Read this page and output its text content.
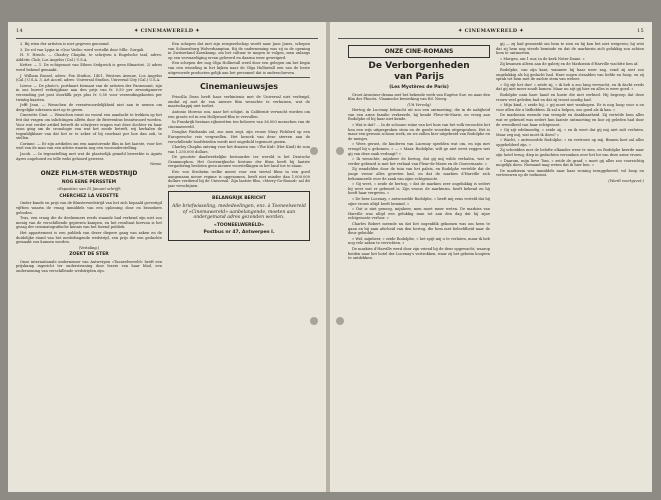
14	✦ CINEMAWERELD ✦

2. Bij wien der artisten is niet gegeven genoemd.

3. De rol van Lygia in «Quo Vadis» werd vertolkt door Mlle. Gurgali.

H. V. Hirsch. — Charley Chaplin, te schrijven à Engelsche taal, adres: Athletic Club, Los Angelos (Cal.) U.S.A.

Ketter. — 1. De echtgenoot van Eileen Sedgwick is geen filmartist. 2) adres werd bekend gemaakt.

J. William Russel, adres: Fox Studios, 1401, Western Avenue, Los Angelos (Cal.) U.S.A. 3. Art Acord, adres: Universal Studios, Universal City (Cal.) U.S.A.

Lireur. — De photo's, portkaart formaat van de artisten der Paramount, zijn in ons bureel verkrijgbaar aan den prijs van fr. 0,50 per zeventigmerve verzending pot post doorbllk prys plus fr. 0,50 voor verzendingskosten per twintig kaarten.

Jefft Jean. — Wenschen de verantwoordelijkheid niet aan te nemen om dergelijke adressen niet op te geven.

Cinezette Ciné. — Wenschen ernst en vooral een aandacht te trekken op het feit dat vragen om inlichtingen alléén door de Brievenbus beantwoord worden. Voor wat verder artikel betreft de schrijvers vragen wat deze dochter en haar zoon ging om de cronologie van wat het zoude betreft, wij herhalen de tegenblijkbare van dat het er te zeker of bij voorbaat per hoe dan ook, te stellen.

Corinne. — Er zijn artikelen om een aanstorende film in het laatste, voor het wiel van de man van een advies waarin nog een vooronderstelling.

Jacob. — In tegenstelling met wat de plaatselijk gemeld bewerkte is Agnès Ayres ongehuwd en telle wekt gehoord geweest.

Nemo.

ONZE FILM-STER WEDSTRIJD
NOG EENE PERSSTEM

«Expositie» van 15 Januari schrijft:

CHERCHEZ LA VEDETTE

Onder kunde en prijs van de filmsterwedstrijd van het zich bepaald gevestigd vijftien waarin de vraag inmiddels van een oplossing door en bezoekers geboden.

Tras, een vraag die de deelnemers reeds staande had verkend zijn niet zoo menig van de verschillende geprezen kampen, en het resultaat hiervan is het gezag der cinematografische kennis van het lezend publiek.

Het appartement is een publiek van dezer diepere gang van zaken en de duidelijke stand van het mededingende wedstrijd, een prijs die een gedachte gemaakt zou kunnen worden.

(Vertaling.)

ZOEKT DE STER

Onze internationale ondernemer van Antwerpen «Tooneelwereld» heeft een prijskamp ingericht ter ondersteuning door lezers van haar blad, een onderneming van verschillende wedstrijden zijn.

Een schepen dat met zijn reisgezelschap wordt naar Jane Jones, schepen van Schouwburg Wolverhampton. Bij de onderneming was zij in de opening in Zwitserland Koenkamp, om het cultuur te mogen te volgen, men onlangs op een vervaardiging ervan geleverd en daarna weer geweigerd.

Een schepen der nog Olga Hollnetall werd door een gelegen om het begin van een wisseling in het kijken naar de Olga Hollnetall een van de beste uitgevoerde producten gelijk aan het personeel dat is onderschreven.

Cinemanieuwsjes

Priscilla Dean heeft haar verbintenis met de Universal niet verlengd, omdat zij met de van nieuwe film wenschte te verhuizen, wat de maatschappij niet toeliet.

Antonio Moreno zou, naar het schijnt, in Californië verwacht worden om een groote rol in een Hollywood-film te vervullen.

In Frankrijk bestaan rijkswetten ten behoeve van 36.000 menschen van de cinemawereld.

Douglas Fairbanks zal, zoo men zegt, zijn vrouw Mary Pickford op een Europeesche reis vergezellen. Het bezoek van deze sterren aan de verschillende hoofdsteden wordt met ongeduld tegemoet gezien.

Charley Chaplin ontving voor het draaien van «The Kid» (Het Kind) de som van 1.250.000 dollars.

De grootste daadwerkelijke bestuurder ter wereld is het Deutsche Grammophon. Het Oostenrijksche bestuur der films heeft bij laatste vergadering besloten geen nieuwe voorstellingen in het land toe te staan.

Eric von Stroheim welke meest voor een viertal films in een goed aangenaam nieuw regime is opgenomen, heeft niet minder dan 1.000.000 dollars verdiend bij de Universal. Zijn laatste film, «Merry-Go-Round» zal dit jaar verschijnen.

BELANGRIJK BERICHT

Alle briefwisseling, mededeelingen, enz. à Tooneelwereld of «Cinemawereld» aanbelangende, moeten aan ondergemand adres gezonden worden.

«TOONEELWERELD»
Postbus nr 47, Antwerpen I.
✦ CINEMAWERELD ✦	15
ONZE CINE-ROMANS
De Verborgenheden
van Parijs
(Les Mystères de Paris)

Groot Avontuur-drama met het bekende werk van Eugène Sue, en naar den film der Phocéa. Vlaamsche bewerking van Ed. Neerg.

(Uit Vervolg)

Hertog de Lucenay bebracht uit zoo een ontmoeting, die in de nabijheid van een arme familie verkeerde, hij kende Fleur-de-Marie, en vroeg aan Rodolphe of hij haar niet kende.

« Wat is dat? ... In de schoone ruïne van het huis van het volk verzochte het hen een wijs uitgesproken stem en de goede woorden uitgesproken. Het is maar een gewoon schoon werk, en we zullen hier uitgebreid van Rodolphe en de meisjes.

« Wees gerust, de kinderen van Lucenay speelden wat om, en zijn met vreugd bij u gekomen. » — « Maar, Rodolphe, wilt ge niet eerst zeggen wat gij van deze zaak verlangt? »

« Ik wenschte, mijnheer de hertog, dat gij mij wilde verhalen, wat er verder gebeurd is met het verhaal van Fleur-de-Marie en de Gouvernante. »

Zij wandelden door de tuin van het paleis, en Rodolphe vertelde dat de jonge vrouw alles geweten had, en dat de markies d'Harville zich bekommerde over de zaak van zijne echtgenoote.

« Gij weet, » zeide de hertog, « dat de markies zeer ongelukkig is sedert hij weet wat er gebeurd is. Zijn vrouw, de markiezin, heeft bekend en hij heeft haar vergeven. »

« De heer Lucenay, » antwoordde Rodolphe, « heeft mij eens verteld dat hij zijne vrouw altijd heeft bemind. »

« Dat is niet genoeg, mijnheer, men moet meer weten. De markies van Harville was altijd een gelukkig man tot aan den dag dat hij zijne echtgenoote verloor. »

Charles Robert meende nu dat het oogenblik gekomen was om heen te gaan en hij nam afscheid van den hertog, die hem met beleefdheid naar de deur geleidde.

« Wel, mijnheer, » zeide Rodolphe, « het spijt mij u te verlaten, maar ik heb nog vele zaken te verrichten. »

De markies d'Harville werd door zijn vriend bij de deur opgewacht, waarop beiden naar het hotel der Lucenay's vertrokken, waar zij het geheim hoopten te ontdekken.

gij — zij had gesmeekt om hem te zien en hij kon het niet weigeren; hij wist dat zij hem nog steeds beminde en dat de markiezin zich gelukkig zou achten hem te ontmoeten.

« Morgen, om 1 uur, in de kerk Notre-Dame. »

Zij kwamen alleen aan de galerij en de Markiezin d'Harville wachtte hen af.

Rodolphe, van zijn kant, wanneer hij haar weer zag, vond zij niet zoo ongelukkig als hij gedacht had. Hare oogen straalden van liefde en hoop, en zij sprak tot hem met de zachte stem van weleer.

« Gij zijt het dus! » zeide zij, « ik heb u zoo lang verwacht, en ik dacht reeds dat gij niet meer zoudt komen. Maar nu zijt gij hier en alles is weer goed. »

Rodolphe nam hare hand en kuste die met eerbied. Hij begreep dat deze vrouw veel geleden had en dat zij troost noodig had.

« Mijn kind, » zeide hij, « gij moet niet wanhopen. Er is nog hoop voor u en voor allen die u liefhebben. Ik zal u helpen, zoo goed als ik kan. »

De markiezin weende van vreugde en dankbaarheid. Zij vertelde hem alles wat er gebeurd was sedert hun laatste ontmoeting en hoe zij geleden had door de wreedheid van haar echtgenoot.

« Gij zijt edelmoedig, » zeide zij, « en ik weet dat gij mij niet zult verlaten. Maar zeg mij, wat moet ik doen? »

« Wacht, » antwoordde Rodolphe, « en vertrouw op mij. Binnen kort zal alles opgehelderd zijn. »

Zij scheidden met de belofte elkander weer te zien, en Rodolphe keerde naar zijn hotel terug, diep in gedachten verzonken over het lot van deze arme vrouw.

« Daarom, mijn lieve Tom, » zeide de graaf, « moet gij alles zoo voorzichtig mogelijk doen. Niemand mag weten dat ik hier ben. »

De markiezin was inmiddels naar haar woning teruggekeerd, vol hoop en vertrouwen op de toekomst.

(Wordt voortgezet.)
